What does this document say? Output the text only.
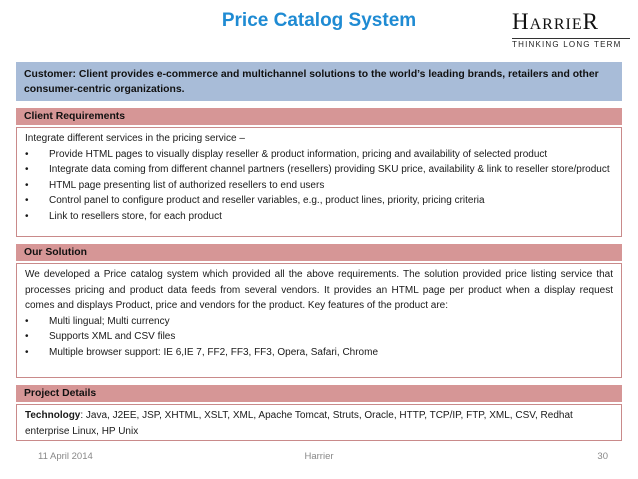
Price Catalog System	HARRIER
THINKING LONG TERM
Customer: Client provides e-commerce and multichannel solutions to the world’s leading brands, retailers and other consumer-centric organizations.
Client Requirements
Integrate different services in the pricing service –
• Provide HTML pages to visually display reseller & product information, pricing and availability of selected product
• Integrate data coming from different channel partners (resellers) providing SKU price, availability & link to reseller store/product
• HTML page presenting list of authorized resellers to end users
• Control panel to configure product and reseller variables, e.g., product lines, priority, pricing criteria
• Link to resellers store, for each product
Our Solution
We developed a Price catalog system which provided all the above requirements. The solution provided price listing service that processes pricing and product data feeds from several vendors. It provides an HTML page per product when a display request comes and displays Product, price and vendors for the product. Key features of the product are:
• Multi lingual; Multi currency
• Supports XML and CSV files
• Multiple browser support: IE 6,IE 7, FF2, FF3, FF3, Opera, Safari, Chrome
Project Details
Technology: Java, J2EE, JSP, XHTML, XSLT, XML, Apache Tomcat, Struts, Oracle, HTTP, TCP/IP, FTP, XML, CSV, Redhat enterprise Linux, HP Unix
11 April 2014	Harrier	30
